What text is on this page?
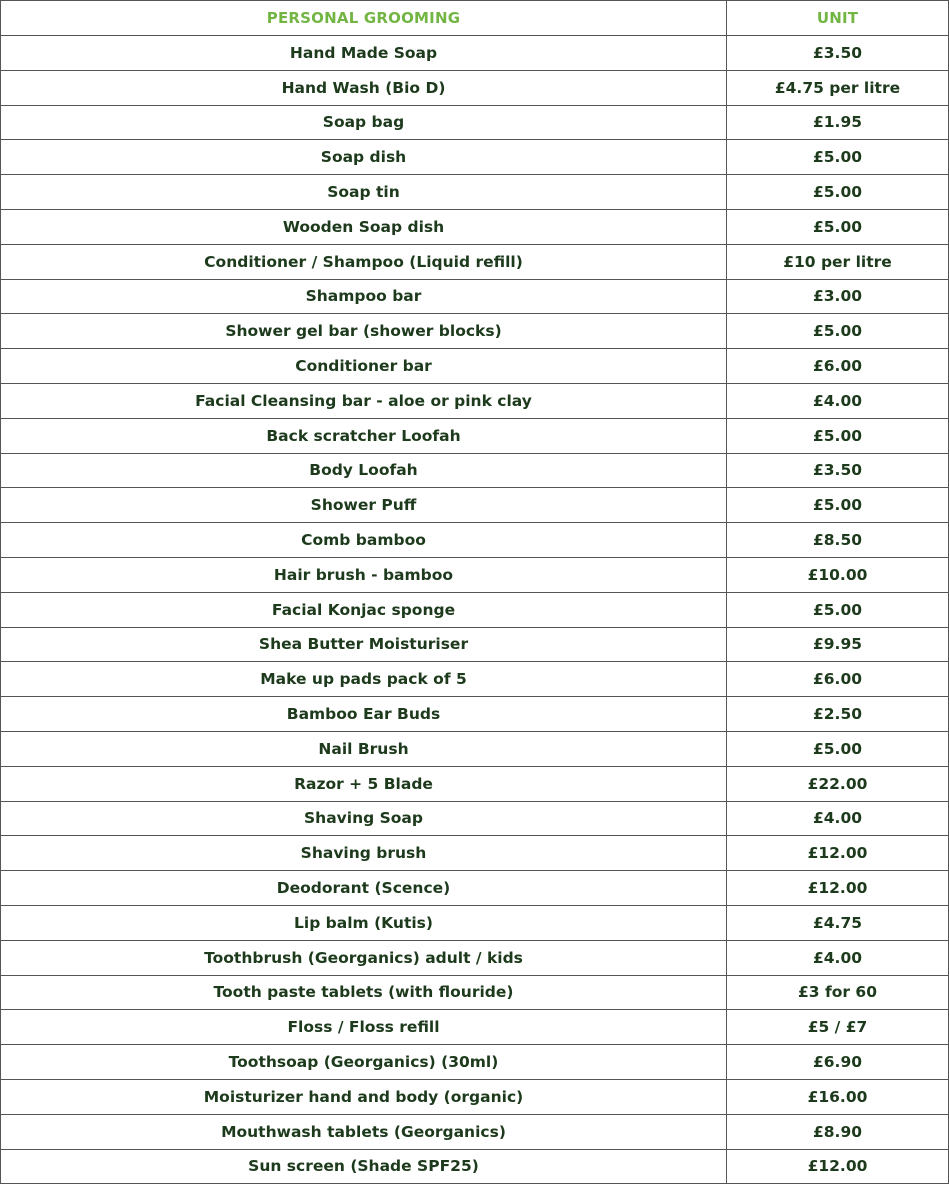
PERSONAL GROOMING	UNIT
Hand Made Soap	£3.50
Hand Wash (Bio D)	£4.75 per litre
Soap bag	£1.95
Soap dish	£5.00
Soap tin	£5.00
Wooden Soap dish	£5.00
Conditioner / Shampoo (Liquid refill)	£10 per litre
Shampoo bar	£3.00
Shower gel bar (shower blocks)	£5.00
Conditioner bar	£6.00
Facial Cleansing bar - aloe or pink clay	£4.00
Back scratcher Loofah	£5.00
Body Loofah	£3.50
Shower Puff	£5.00
Comb bamboo	£8.50
Hair brush - bamboo	£10.00
Facial Konjac sponge	£5.00
Shea Butter Moisturiser	£9.95
Make up pads pack of 5	£6.00
Bamboo Ear Buds	£2.50
Nail Brush	£5.00
Razor + 5 Blade	£22.00
Shaving Soap	£4.00
Shaving brush	£12.00
Deodorant (Scence)	£12.00
Lip balm (Kutis)	£4.75
Toothbrush (Georganics) adult / kids	£4.00
Tooth paste tablets (with flouride)	£3 for 60
Floss / Floss refill	£5 / £7
Toothsoap (Georganics) (30ml)	£6.90
Moisturizer hand and body (organic)	£16.00
Mouthwash tablets (Georganics)	£8.90
Sun screen (Shade SPF25)	£12.00
